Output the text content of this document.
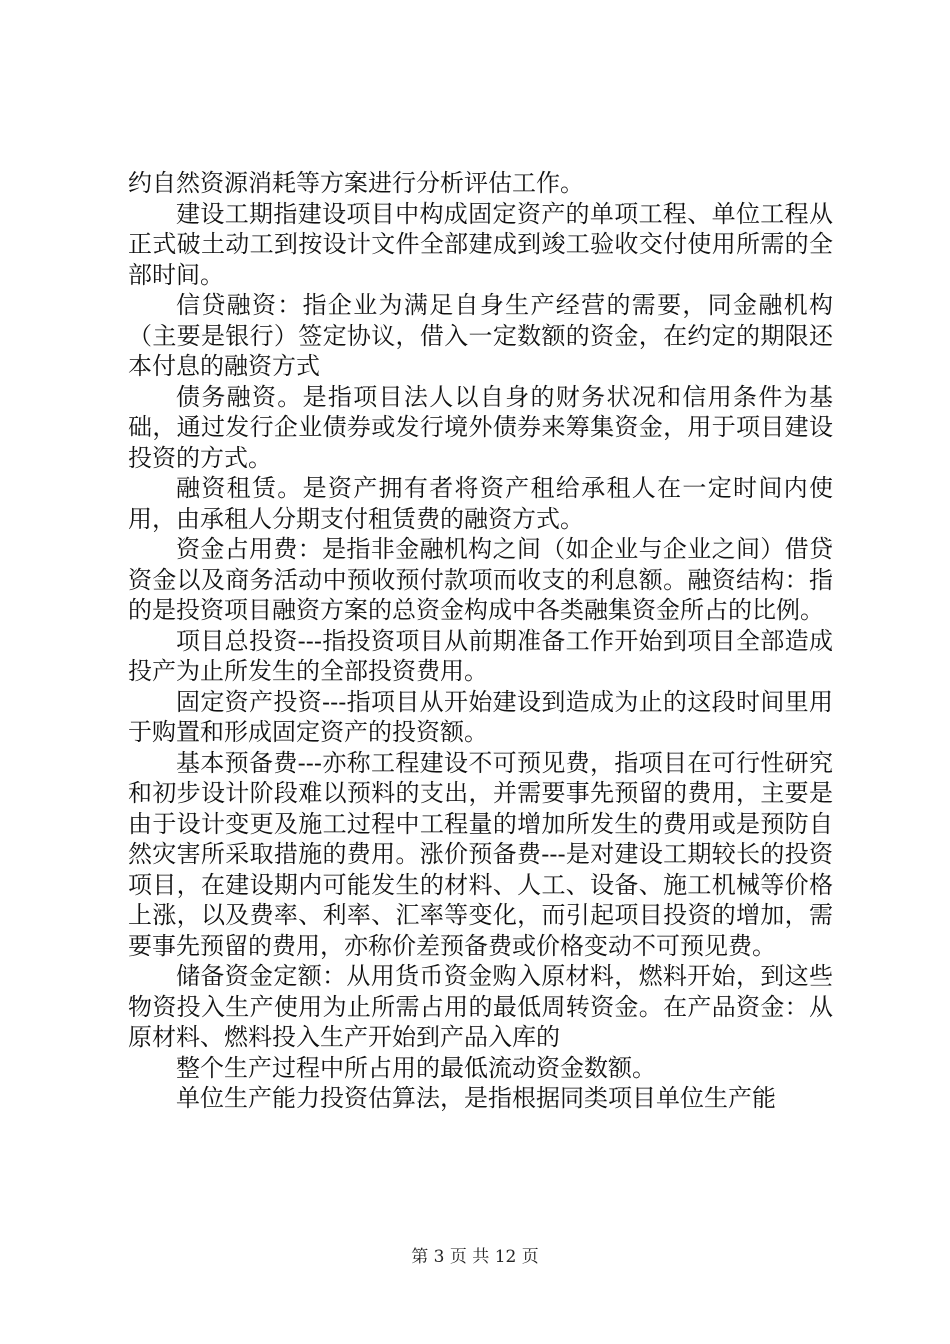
约自然资源消耗等方案进行分析评估工作。

建设工期指建设项目中构成固定资产的单项工程、单位工程从正式破土动工到按设计文件全部建成到竣工验收交付使用所需的全部时间。

信贷融资：指企业为满足自身生产经营的需要，同金融机构（主要是银行）签定协议，借入一定数额的资金，在约定的期限还本付息的融资方式

债务融资。是指项目法人以自身的财务状况和信用条件为基础，通过发行企业债券或发行境外债券来筹集资金，用于项目建设投资的方式。

融资租赁。是资产拥有者将资产租给承租人在一定时间内使用，由承租人分期支付租赁费的融资方式。

资金占用费：是指非金融机构之间（如企业与企业之间）借贷资金以及商务活动中预收预付款项而收支的利息额。融资结构：指的是投资项目融资方案的总资金构成中各类融集资金所占的比例。

项目总投资---指投资项目从前期准备工作开始到项目全部造成投产为止所发生的全部投资费用。

固定资产投资---指项目从开始建设到造成为止的这段时间里用于购置和形成固定资产的投资额。

基本预备费---亦称工程建设不可预见费，指项目在可行性研究和初步设计阶段难以预料的支出，并需要事先预留的费用，主要是由于设计变更及施工过程中工程量的增加所发生的费用或是预防自然灾害所采取措施的费用。涨价预备费---是对建设工期较长的投资项目，在建设期内可能发生的材料、人工、设备、施工机械等价格上涨，以及费率、利率、汇率等变化，而引起项目投资的增加，需要事先预留的费用，亦称价差预备费或价格变动不可预见费。

储备资金定额：从用货币资金购入原材料，燃料开始，到这些物资投入生产使用为止所需占用的最低周转资金。在产品资金：从原材料、燃料投入生产开始到产品入库的

整个生产过程中所占用的最低流动资金数额。

单位生产能力投资估算法，是指根据同类项目单位生产能

第 3 页 共 12 页
